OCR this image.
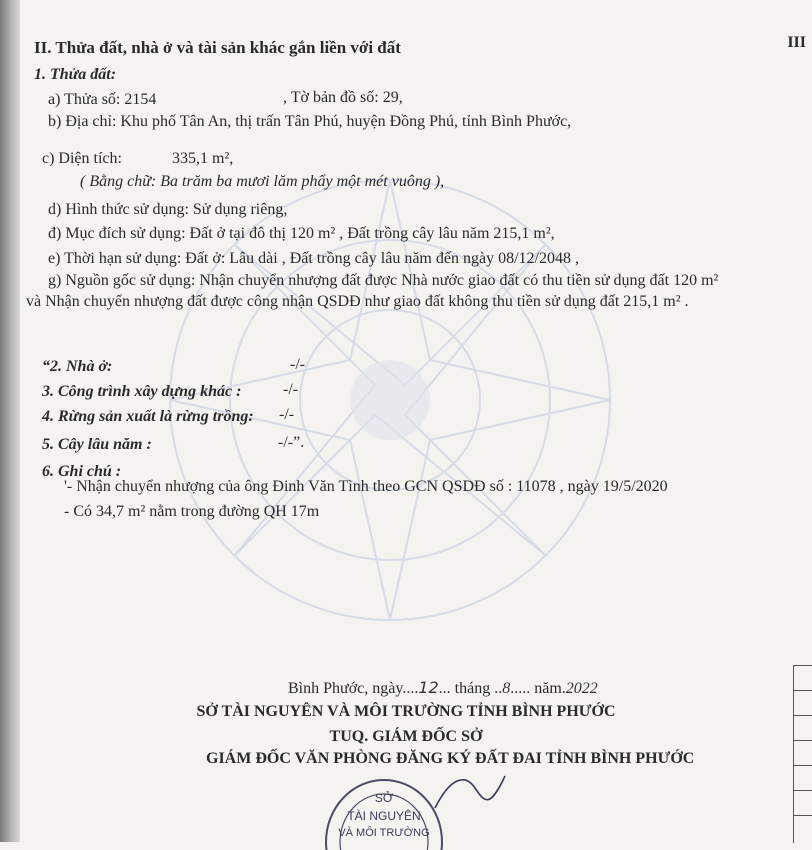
III
II. Thửa đất, nhà ở và tài sản khác gắn liền với đất
1. Thửa đất:
a) Thửa số: 2154	, Tờ bản đồ số: 29,
b) Địa chỉ: Khu phố Tân An, thị trấn Tân Phú, huyện Đồng Phú, tỉnh Bình Phước,
c) Diện tích:	335,1 m²,
( Bằng chữ: Ba trăm ba mươi lăm phẩy một mét vuông ),
d) Hình thức sử dụng: Sử dụng riêng,
đ) Mục đích sử dụng: Đất ở tại đô thị 120 m² , Đất trồng cây lâu năm 215,1 m²,
e) Thời hạn sử dụng: Đất ở: Lâu dài , Đất trồng cây lâu năm đến ngày 08/12/2048 ,
g) Nguồn gốc sử dụng: Nhận chuyển nhượng đất được Nhà nước giao đất có thu tiền sử dụng đất 120 m²
và Nhận chuyển nhượng đất được công nhận QSDĐ như giao đất không thu tiền sử dụng đất 215,1 m² .
“2. Nhà ở:	-/-
3. Công trình xây dựng khác :	-/-
4. Rừng sản xuất là rừng trồng: -/-
5. Cây lâu năm :	-/-”.
6. Ghi chú :
'- Nhận chuyển nhượng của ông Đinh Văn Tình theo GCN QSDĐ số : 11078 , ngày 19/5/2020
- Có 34,7 m² nằm trong đường QH 17m
Bình Phước, ngày....12... tháng ..8..... năm.2022
SỞ TÀI NGUYÊN VÀ MÔI TRƯỜNG TỈNH BÌNH PHƯỚC
TUQ. GIÁM ĐỐC SỞ
GIÁM ĐỐC VĂN PHÒNG ĐĂNG KÝ ĐẤT ĐAI TỈNH BÌNH PHƯỚC
SỞ
TÀI NGUYÊN
VÀ MÔI TRƯỜNG
